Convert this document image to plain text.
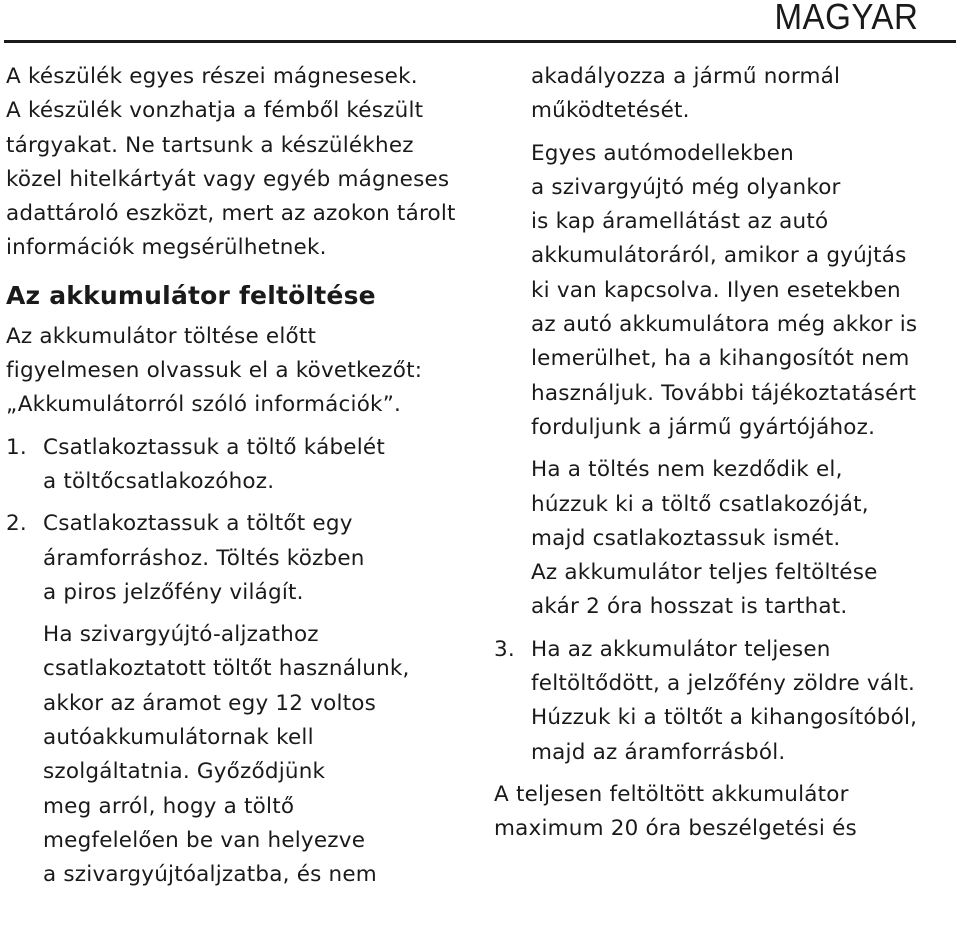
MAGYAR
A készülék egyes részei mágnesesek.
A készülék vonzhatja a fémből készült
tárgyakat. Ne tartsunk a készülékhez
közel hitelkártyát vagy egyéb mágneses
adattároló eszközt, mert az azokon tárolt
információk megsérülhetnek.
Az akkumulátor feltöltése
Az akkumulátor töltése előtt
figyelmesen olvassuk el a következőt:
„Akkumulátorról szóló információk”.
1. Csatlakoztassuk a töltő kábelét
a töltőcsatlakozóhoz.
2. Csatlakoztassuk a töltőt egy
áramforráshoz. Töltés közben
a piros jelzőfény világít.
Ha szivargyújtó-aljzathoz
csatlakoztatott töltőt használunk,
akkor az áramot egy 12 voltos
autóakkumulátornak kell
szolgáltatnia. Győződjünk
meg arról, hogy a töltő
megfelelően be van helyezve
a szivargyújtóaljzatba, és nem
akadályozza a jármű normál
működtetését.
Egyes autómodellekben
a szivargyújtó még olyankor
is kap áramellátást az autó
akkumulátoráról, amikor a gyújtás
ki van kapcsolva. Ilyen esetekben
az autó akkumulátora még akkor is
lemerülhet, ha a kihangosítót nem
használjuk. További tájékoztatásért
forduljunk a jármű gyártójához.
Ha a töltés nem kezdődik el,
húzzuk ki a töltő csatlakozóját,
majd csatlakoztassuk ismét.
Az akkumulátor teljes feltöltése
akár 2 óra hosszat is tarthat.
3. Ha az akkumulátor teljesen
feltöltődött, a jelzőfény zöldre vált.
Húzzuk ki a töltőt a kihangosítóból,
majd az áramforrásból.
A teljesen feltöltött akkumulátor
maximum 20 óra beszélgetési és
